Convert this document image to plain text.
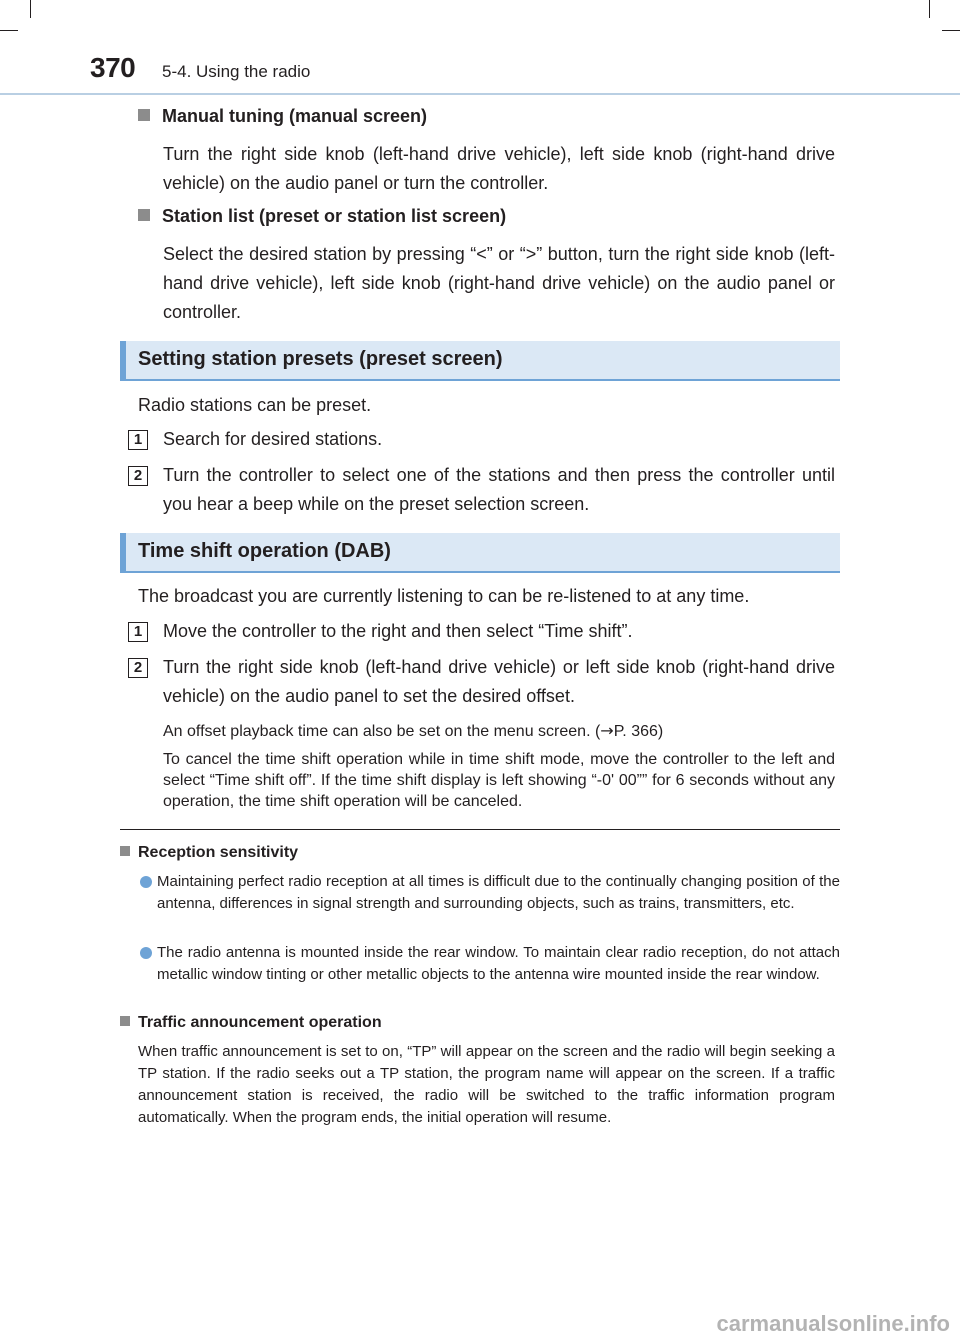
370 5-4. Using the radio
Manual tuning (manual screen)
Turn the right side knob (left-hand drive vehicle), left side knob (right-hand drive vehicle) on the audio panel or turn the controller.
Station list (preset or station list screen)
Select the desired station by pressing “<” or “>” button, turn the right side knob (left-hand drive vehicle), left side knob (right-hand drive vehicle) on the audio panel or controller.
Setting station presets (preset screen)
Radio stations can be preset.
1	Search for desired stations.
2	Turn the controller to select one of the stations and then press the controller until you hear a beep while on the preset selection screen.
Time shift operation (DAB)
The broadcast you are currently listening to can be re-listened to at any time.
1	Move the controller to the right and then select “Time shift”.
2	Turn the right side knob (left-hand drive vehicle) or left side knob (right-hand drive vehicle) on the audio panel to set the desired offset.
An offset playback time can also be set on the menu screen. (→P. 366)
To cancel the time shift operation while in time shift mode, move the controller to the left and select “Time shift off”. If the time shift display is left showing “-0' 00”” for 6 seconds without any operation, the time shift operation will be canceled.
Reception sensitivity
Maintaining perfect radio reception at all times is difficult due to the continually changing position of the antenna, differences in signal strength and surrounding objects, such as trains, transmitters, etc.
The radio antenna is mounted inside the rear window. To maintain clear radio reception, do not attach metallic window tinting or other metallic objects to the antenna wire mounted inside the rear window.
Traffic announcement operation
When traffic announcement is set to on, “TP” will appear on the screen and the radio will begin seeking a TP station. If the radio seeks out a TP station, the program name will appear on the screen. If a traffic announcement station is received, the radio will be switched to the traffic information program automatically. When the program ends, the initial operation will resume.
carmanualsonline.info
